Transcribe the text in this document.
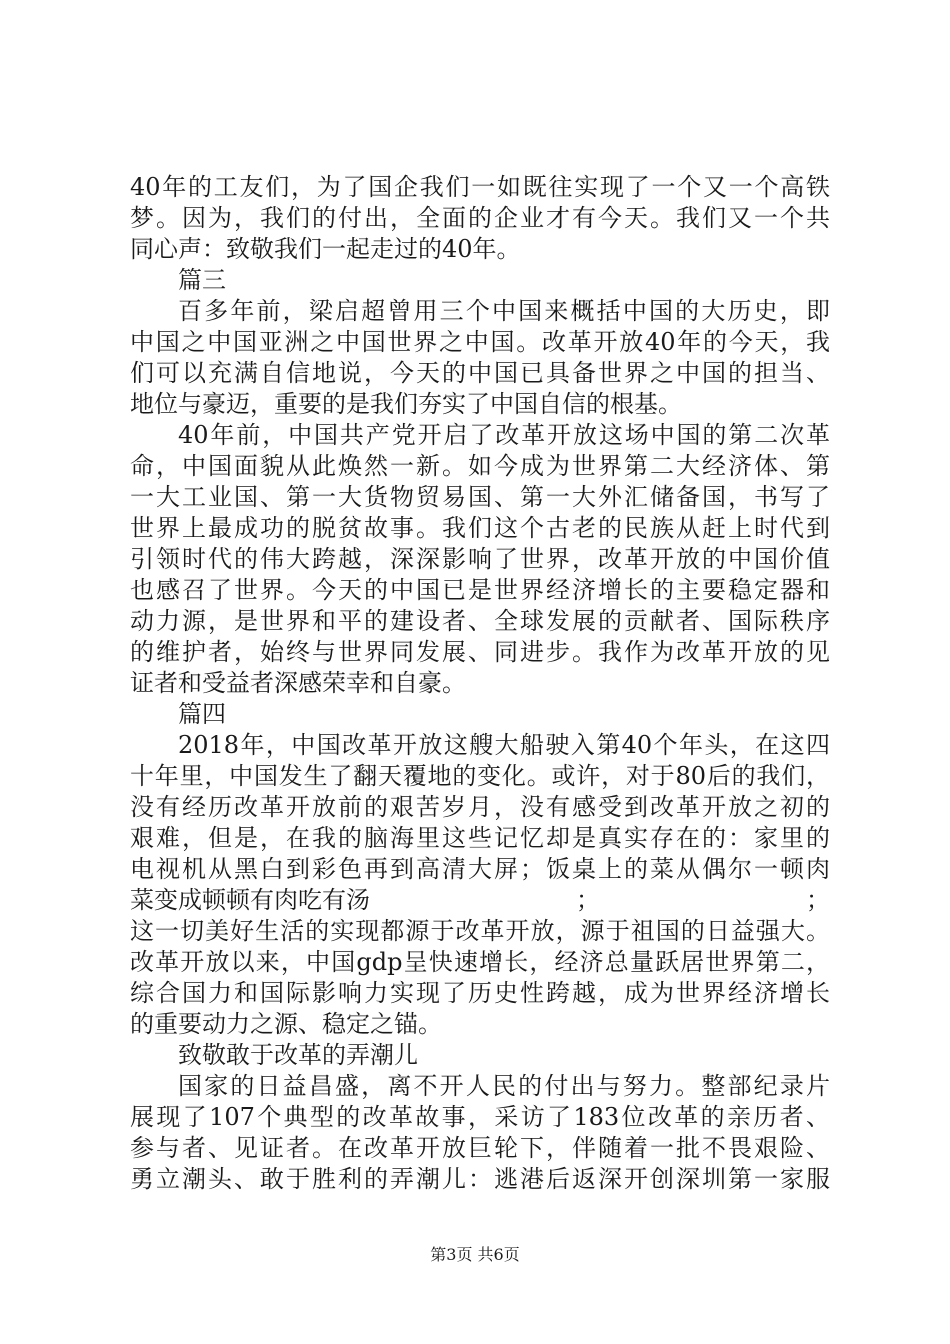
40年的工友们，为了国企我们一如既往实现了一个又一个高铁
梦。因为，我们的付出，全面的企业才有今天。我们又一个共
同心声：致敬我们一起走过的40年。
篇三
百多年前，梁启超曾用三个中国来概括中国的大历史，即
中国之中国亚洲之中国世界之中国。改革开放40年的今天，我
们可以充满自信地说，今天的中国已具备世界之中国的担当、
地位与豪迈，重要的是我们夯实了中国自信的根基。
40年前，中国共产党开启了改革开放这场中国的第二次革
命，中国面貌从此焕然一新。如今成为世界第二大经济体、第
一大工业国、第一大货物贸易国、第一大外汇储备国，书写了
世界上最成功的脱贫故事。我们这个古老的民族从赶上时代到
引领时代的伟大跨越，深深影响了世界，改革开放的中国价值
也感召了世界。今天的中国已是世界经济增长的主要稳定器和
动力源，是世界和平的建设者、全球发展的贡献者、国际秩序
的维护者，始终与世界同发展、同进步。我作为改革开放的见
证者和受益者深感荣幸和自豪。
篇四
2018年，中国改革开放这艘大船驶入第40个年头，在这四
十年里，中国发生了翻天覆地的变化。或许，对于80后的我们，
没有经历改革开放前的艰苦岁月，没有感受到改革开放之初的
艰难，但是，在我的脑海里这些记忆却是真实存在的：家里的
电视机从黑白到彩色再到高清大屏；饭桌上的菜从偶尔一顿肉
菜变成顿顿有肉吃有汤	；	；
这一切美好生活的实现都源于改革开放，源于祖国的日益强大。
改革开放以来，中国gdp呈快速增长，经济总量跃居世界第二，
综合国力和国际影响力实现了历史性跨越，成为世界经济增长
的重要动力之源、稳定之锚。
致敬敢于改革的弄潮儿
国家的日益昌盛，离不开人民的付出与努力。整部纪录片
展现了107个典型的改革故事，采访了183位改革的亲历者、
参与者、见证者。在改革开放巨轮下，伴随着一批不畏艰险、
勇立潮头、敢于胜利的弄潮儿：逃港后返深开创深圳第一家服
第3页 共6页
